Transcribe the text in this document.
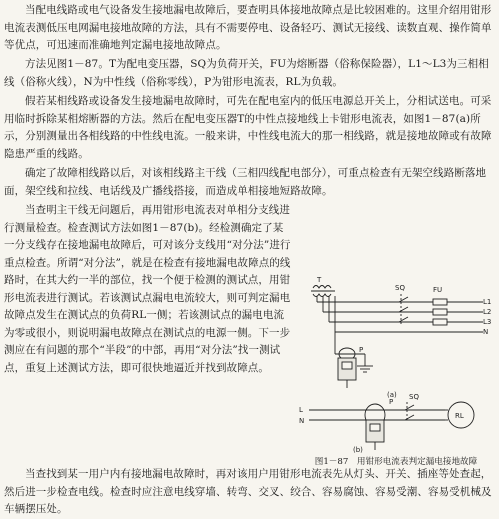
当配电线路或电气设备发生接地漏电故障后，要查明具体接地故障点是比较困难的。这里介绍用钳形电流表测低压电网漏电接地故障的方法，具有不需要停电、设备轻巧、测试无接线、读数直观、操作简单等优点，可迅速而准确地判定漏电接地故障点。
方法见图1－87。T为配电变压器，SQ为负荷开关，FU为熔断器（俗称保险器），L1～L3为三相相线（俗称火线），N为中性线（俗称零线），P为钳形电流表，RL为负载。
假若某相线路或设备发生接地漏电故障时，可先在配电室内的低压电源总开关上，分相试送电。可采用临时拆除某相熔断器的方法。然后在配电变压器T的中性点接地线上卡钳形电流表，如图1－87(a)所示，分别测量出各相线路的中性线电流。一般来讲，中性线电流大的那一相线路，就是接地故障或有故障隐患严重的线路。
确定了故障相线路以后，对该相线路主干线（三相四线配电部分），可重点检查有无架空线路断落地面，架空线和拉线、电话线及广播线搭接，而造成单相接地短路故障。
当查明主干线无问题后，再用钳形电流表对单相分支线进行测量检查。检查测试方法如图1－87(b)。经检测确定了某一分支线存在接地漏电故障后，可对该分支线用“对分法”进行重点检查。所谓“对分法”，就是在检查有接地漏电故障点的线路时，在其大约一半的部位，找一个便于检测的测试点，用钳形电流表进行测试。若该测试点漏电电流较大，则可判定漏电故障点发生在测试点的负荷RL一侧；若该测试点的漏电电流为零或很小，则说明漏电故障点在测试点的电源一侧。下一步测应在有问题的那个“半段”的中部，再用“对分法”找一测试点，重复上述测试方法，即可很快地逼近并找到故障点。
当查找到某一用户内有接地漏电故障时，再对该用户用钳形电流表先从灯头、开关、插座等处查起，然后进一步检查电线。检查时应注意电线穿墙、转弯、交叉、绞合、容易腐蚀、容易受潮、容易受机械及车辆摆压处。
T
SQ	FU
L1
L2
L3
N
P
(a)
L
N
P
SQ
RL
(b)
图1－87　用钳形电流表判定漏电接地故障
